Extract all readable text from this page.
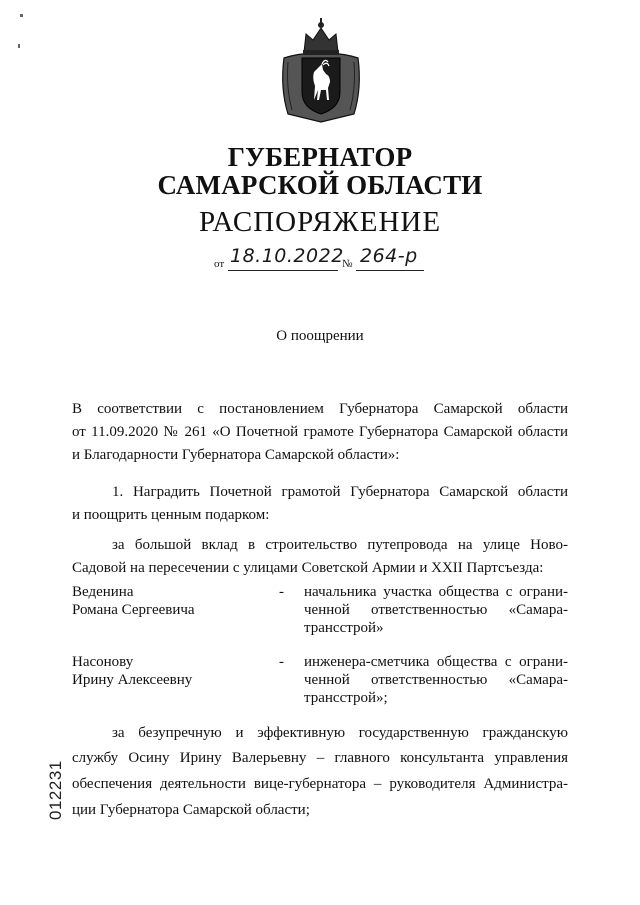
ГУБЕРНАТОР
САМАРСКОЙ ОБЛАСТИ
РАСПОРЯЖЕНИЕ
от 18.10.2022
№ 264-р
О поощрении
В соответствии с постановлением Губернатора Самарской области
от 11.09.2020 № 261 «О Почетной грамоте Губернатора Самарской области
и Благодарности Губернатора Самарской области»:
1. Наградить Почетной грамотой Губернатора Самарской области
и поощрить ценным подарком:
за большой вклад в строительство путепровода на улице Ново-
Садовой на пересечении с улицами Советской Армии и XXII Партсъезда:
Веденина
Романа Сергеевича
- начальника участка общества с ограни-
ченной ответственностью «Самара-
трансстрой»
Насонову
Ирину Алексеевну
- инженера-сметчика общества с ограни-
ченной ответственностью «Самара-
трансстрой»;
за безупречную и эффективную государственную гражданскую
службу Осину Ирину Валерьевну – главного консультанта управления
обеспечения деятельности вице-губернатора – руководителя Администра-
ции Губернатора Самарской области;
012231
